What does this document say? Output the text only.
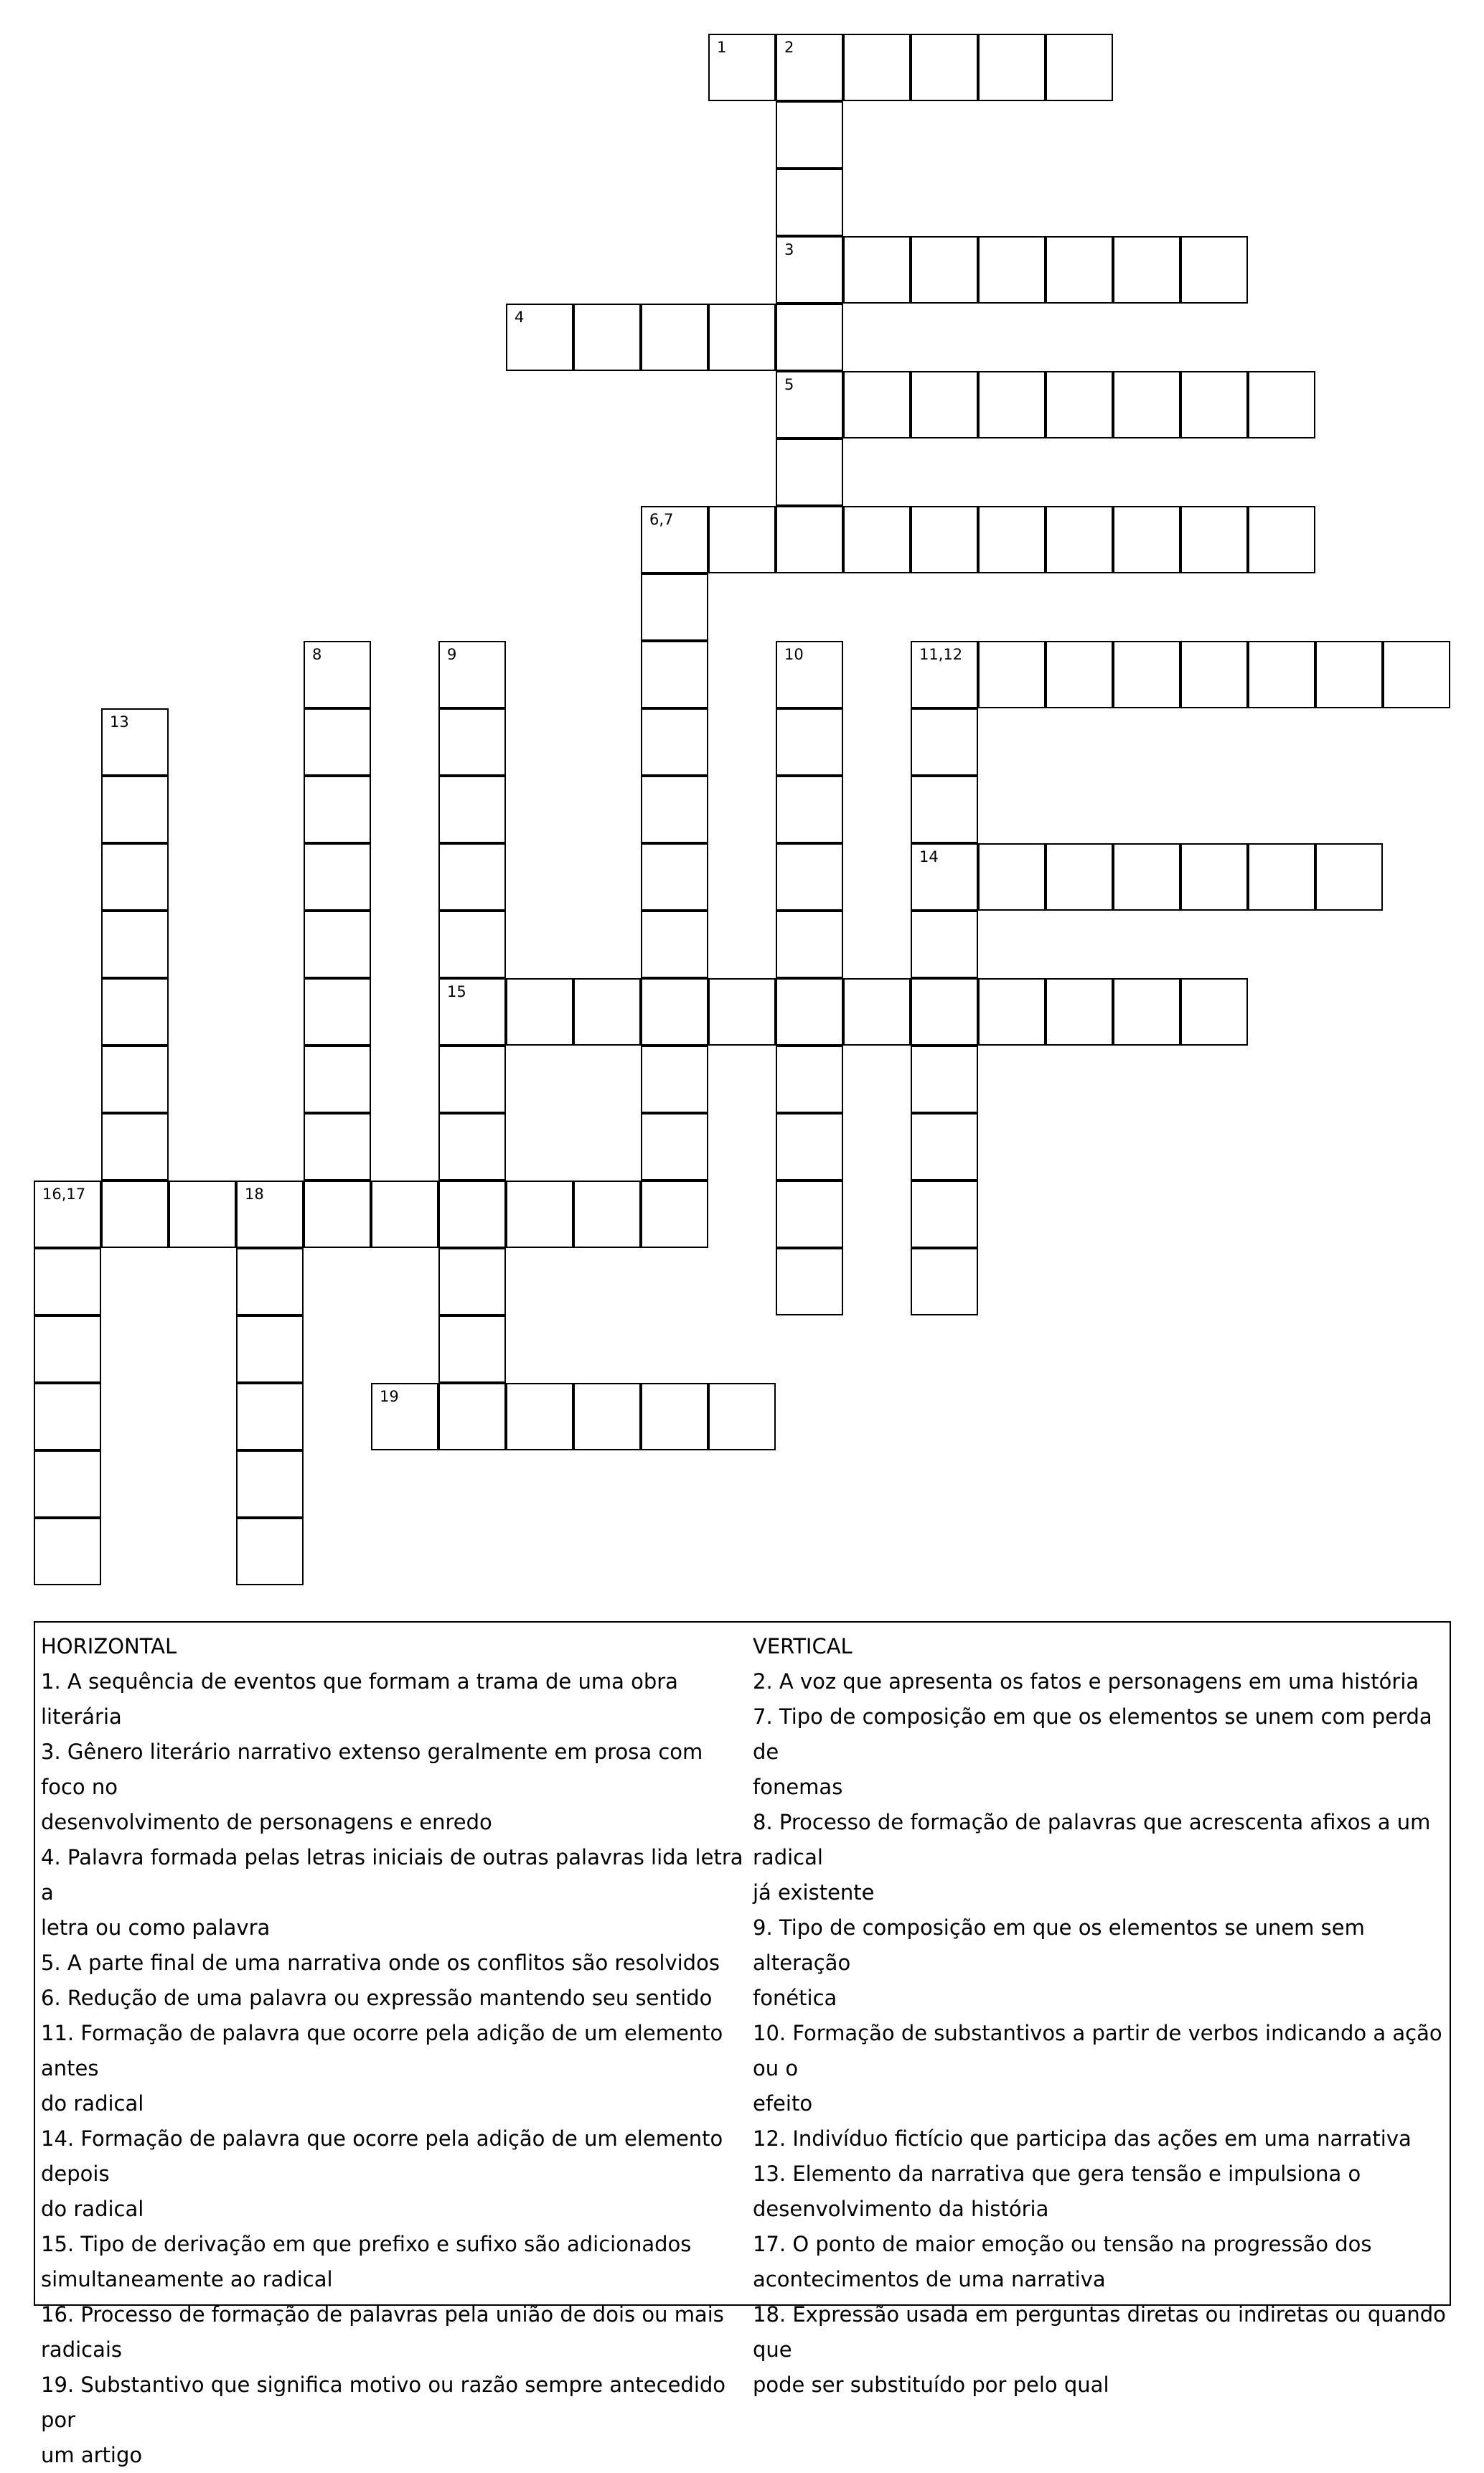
1	2
3
4
5
6,7
8	9	10	11,12
13
14
15
16,17	18
19

HORIZONTAL

1. A sequência de eventos que formam a trama de uma obra literária

3. Gênero literário narrativo extenso geralmente em prosa com foco no

desenvolvimento de personagens e enredo

4. Palavra formada pelas letras iniciais de outras palavras lida letra a

letra ou como palavra

5. A parte final de uma narrativa onde os conflitos são resolvidos

6. Redução de uma palavra ou expressão mantendo seu sentido

11. Formação de palavra que ocorre pela adição de um elemento antes

do radical

14. Formação de palavra que ocorre pela adição de um elemento depois

do radical

15. Tipo de derivação em que prefixo e sufixo são adicionados

simultaneamente ao radical

16. Processo de formação de palavras pela união de dois ou mais

radicais

19. Substantivo que significa motivo ou razão sempre antecedido por

um artigo

VERTICAL

2. A voz que apresenta os fatos e personagens em uma história

7. Tipo de composição em que os elementos se unem com perda de

fonemas

8. Processo de formação de palavras que acrescenta afixos a um radical

já existente

9. Tipo de composição em que os elementos se unem sem alteração

fonética

10. Formação de substantivos a partir de verbos indicando a ação ou o

efeito

12. Indivíduo fictício que participa das ações em uma narrativa

13. Elemento da narrativa que gera tensão e impulsiona o

desenvolvimento da história

17. O ponto de maior emoção ou tensão na progressão dos

acontecimentos de uma narrativa

18. Expressão usada em perguntas diretas ou indiretas ou quando que

pode ser substituído por pelo qual
